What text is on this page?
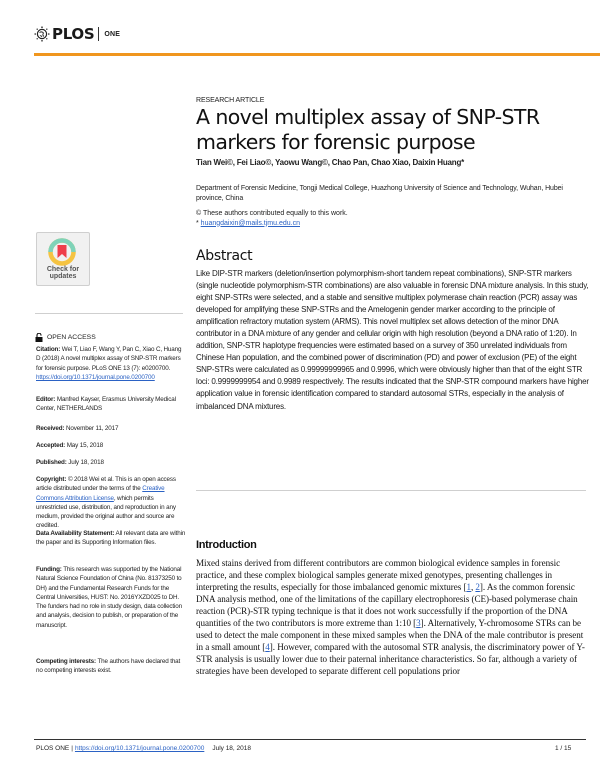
PLOS ONE
Check for
updates
OPEN ACCESS
Citation: Wei T, Liao F, Wang Y, Pan C, Xiao C, Huang D (2018) A novel multiplex assay of SNP-STR markers for forensic purpose. PLoS ONE 13 (7): e0200700. https://doi.org/10.1371/journal.pone.0200700
Editor: Manfred Kayser, Erasmus University Medical Center, NETHERLANDS
Received: November 11, 2017
Accepted: May 15, 2018
Published: July 18, 2018
Copyright: © 2018 Wei et al. This is an open access article distributed under the terms of the Creative Commons Attribution License, which permits unrestricted use, distribution, and reproduction in any medium, provided the original author and source are credited.
Data Availability Statement: All relevant data are within the paper and its Supporting Information files.
Funding: This research was supported by the National Natural Science Foundation of China (No. 81373250 to DH) and the Fundamental Research Funds for the Central Universities, HUST: No. 2016YXZD025 to DH. The funders had no role in study design, data collection and analysis, decision to publish, or preparation of the manuscript.
Competing interests: The authors have declared that no competing interests exist.
RESEARCH ARTICLE
A novel multiplex assay of SNP-STR markers for forensic purpose
Tian Wei©, Fei Liao©, Yaowu Wang©, Chao Pan, Chao Xiao, Daixin Huang*
Department of Forensic Medicine, Tongji Medical College, Huazhong University of Science and Technology, Wuhan, Hubei province, China
© These authors contributed equally to this work.
* huangdaixin@mails.tjmu.edu.cn
Abstract
Like DIP-STR markers (deletion/insertion polymorphism-short tandem repeat combinations), SNP-STR markers (single nucleotide polymorphism-STR combinations) are also valuable in forensic DNA mixture analysis. In this study, eight SNP-STRs were selected, and a stable and sensitive multiplex polymerase chain reaction (PCR) assay was developed for amplifying these SNP-STRs and the Amelogenin gender marker according to the principle of amplification refractory mutation system (ARMS). This novel multiplex set allows detection of the minor DNA contributor in a DNA mixture of any gender and cellular origin with high resolution (beyond a DNA ratio of 1:20). In addition, SNP-STR haplotype frequencies were estimated based on a survey of 350 unrelated individuals from Chinese Han population, and the combined power of discrimination (PD) and power of exclusion (PE) of the eight SNP-STRs were calculated as 0.99999999965 and 0.9996, which were obviously higher than that of the eight STR loci: 0.9999999954 and 0.9989 respectively. The results indicated that the SNP-STR compound markers have higher application value in forensic identification compared to standard autosomal STRs, especially in the analysis of imbalanced DNA mixtures.
Introduction
Mixed stains derived from different contributors are common biological evidence samples in forensic practice, and these complex biological samples generate mixed genotypes, presenting challenges in interpreting the results, especially for those imbalanced genomic mixtures [1, 2]. As the common forensic DNA analysis method, one of the limitations of the capillary electrophoresis (CE)-based polymerase chain reaction (PCR)-STR typing technique is that it does not work successfully if the proportion of the DNA quantities of the two contributors is more extreme than 1:10 [3]. Alternatively, Y-chromosome STRs can be used to detect the male component in these mixed samples when the DNA of the male contributor is present in a small amount [4]. However, compared with the autosomal STR analysis, the discriminatory power of Y-STR analysis is usually lower due to their paternal inheritance characteristics. So far, although a variety of strategies have been developed to separate different cell populations prior
PLOS ONE | https://doi.org/10.1371/journal.pone.0200700 July 18, 2018	1 / 15
